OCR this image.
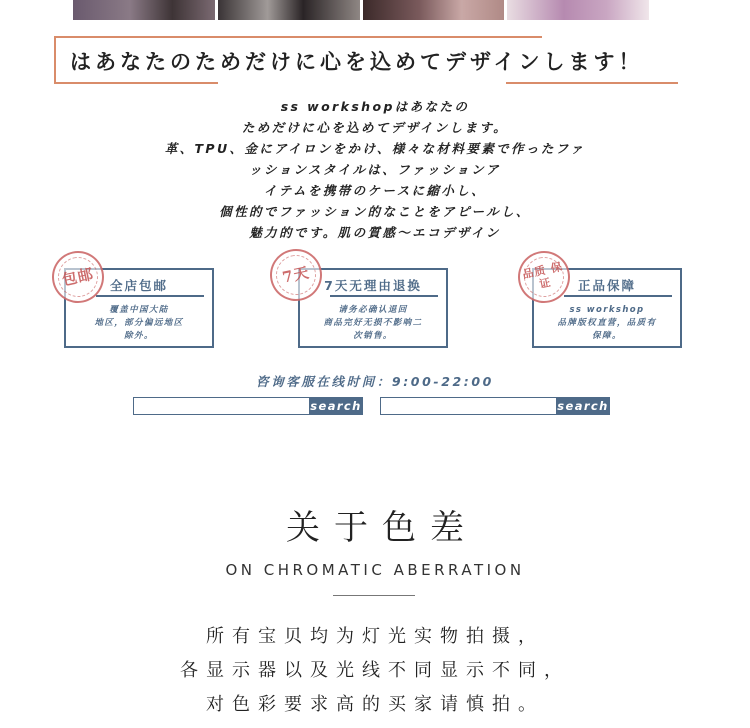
はあなたのためだけに心を込めてデザインします！
ss workshopはあなたの
ためだけに心を込めてデザインします。
革、TPU、金にアイロンをかけ、様々な材料要素で作ったファ
ッションスタイルは、ファッションア
イテムを携帯のケースに縮小し、
個性的でファッション的なことをアピールし、
魅力的です。肌の質感～エコデザイン
全店包邮
覆盖中国大陆
地区，部分偏远地区
除外。
包邮	7天无理由退换
请务必确认退回
商品完好无损不影响二
次销售。
7天	正品保障
ss workshop
品牌版权直营，品质有
保障。
品质 保证
咨询客服在线时间：9:00-22:00
search	search
关于色差
ON CHROMATIC ABERRATION
所有宝贝均为灯光实物拍摄，
各显示器以及光线不同显示不同，
对色彩要求高的买家请慎拍。
